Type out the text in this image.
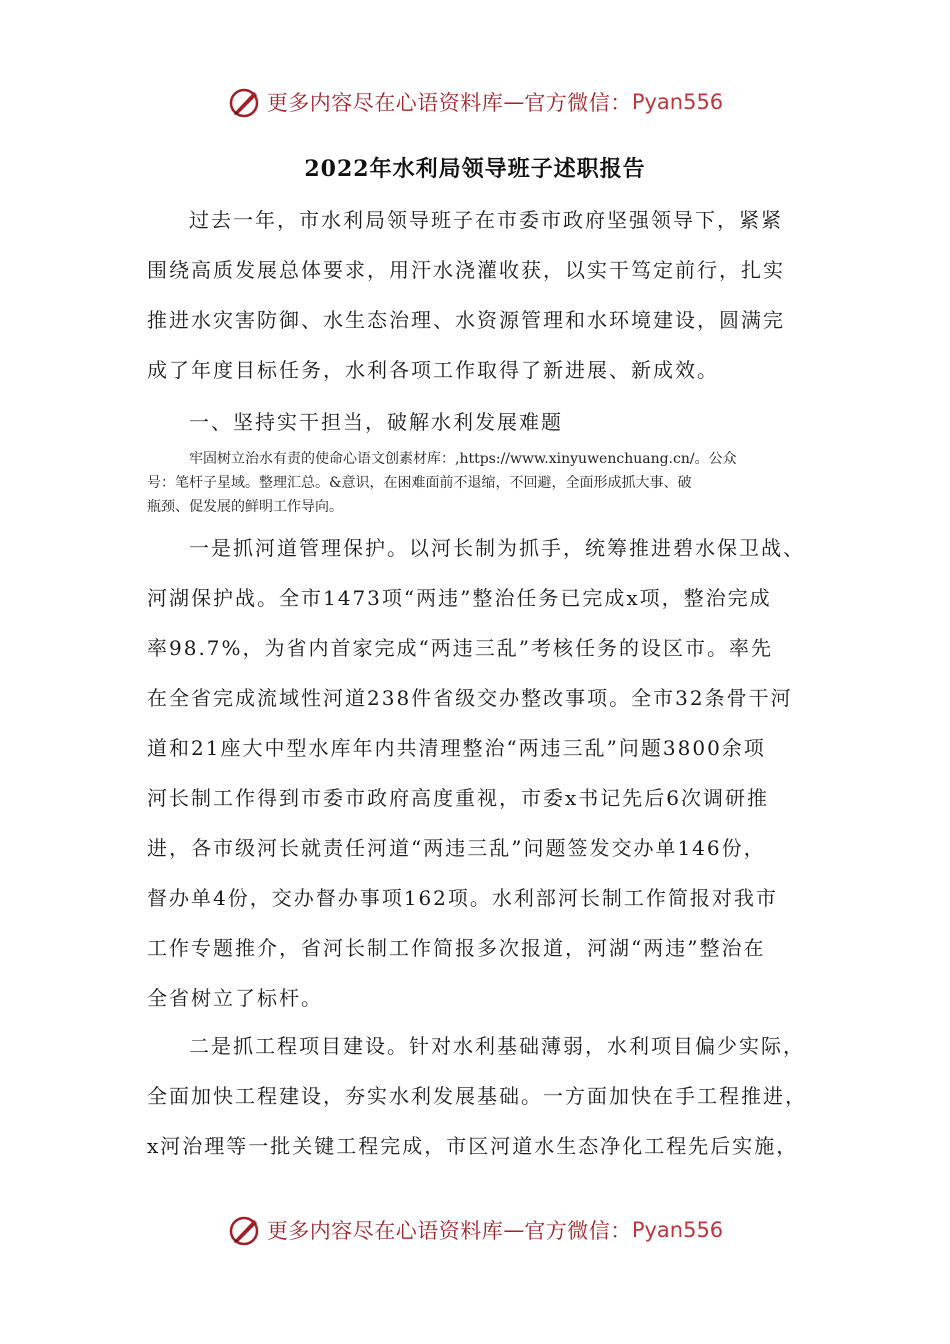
更多内容尽在心语资料库 — 官方微信： Pyan556
2022年水利局领导班子述职报告
过去一年，市水利局领导班子在市委市政府坚强领导下，紧紧
围绕高质发展总体要求，用汗水浇灌收获，以实干笃定前行，扎实
推进水灾害防御、水生态治理、水资源管理和水环境建设，圆满完
成了年度目标任务，水利各项工作取得了新进展、新成效。
一、坚持实干担当，破解水利发展难题
牢固树立治水有责的使命心语文创素材库：,https://www.xinyuwenchuang.cn/。公众
号：笔杆子星域。整理汇总。&意识，在困难面前不退缩，不回避，全面形成抓大事、破
瓶颈、促发展的鲜明工作导向。
一是抓河道管理保护。以河长制为抓手，统筹推进碧水保卫战、
河湖保护战。全市1473项“两违”整治任务已完成x项，整治完成
率98.7%，为省内首家完成“两违三乱”考核任务的设区市。率先
在全省完成流域性河道238件省级交办整改事项。全市32条骨干河
道和21座大中型水库年内共清理整治“两违三乱”问题3800余项
河长制工作得到市委市政府高度重视，市委x书记先后6次调研推
进，各市级河长就责任河道“两违三乱”问题签发交办单146份，
督办单4份，交办督办事项162项。水利部河长制工作简报对我市
工作专题推介，省河长制工作简报多次报道，河湖“两违”整治在
全省树立了标杆。
二是抓工程项目建设。针对水利基础薄弱，水利项目偏少实际，
全面加快工程建设，夯实水利发展基础。一方面加快在手工程推进，
x河治理等一批关键工程完成，市区河道水生态净化工程先后实施，
更多内容尽在心语资料库 — 官方微信： Pyan556
